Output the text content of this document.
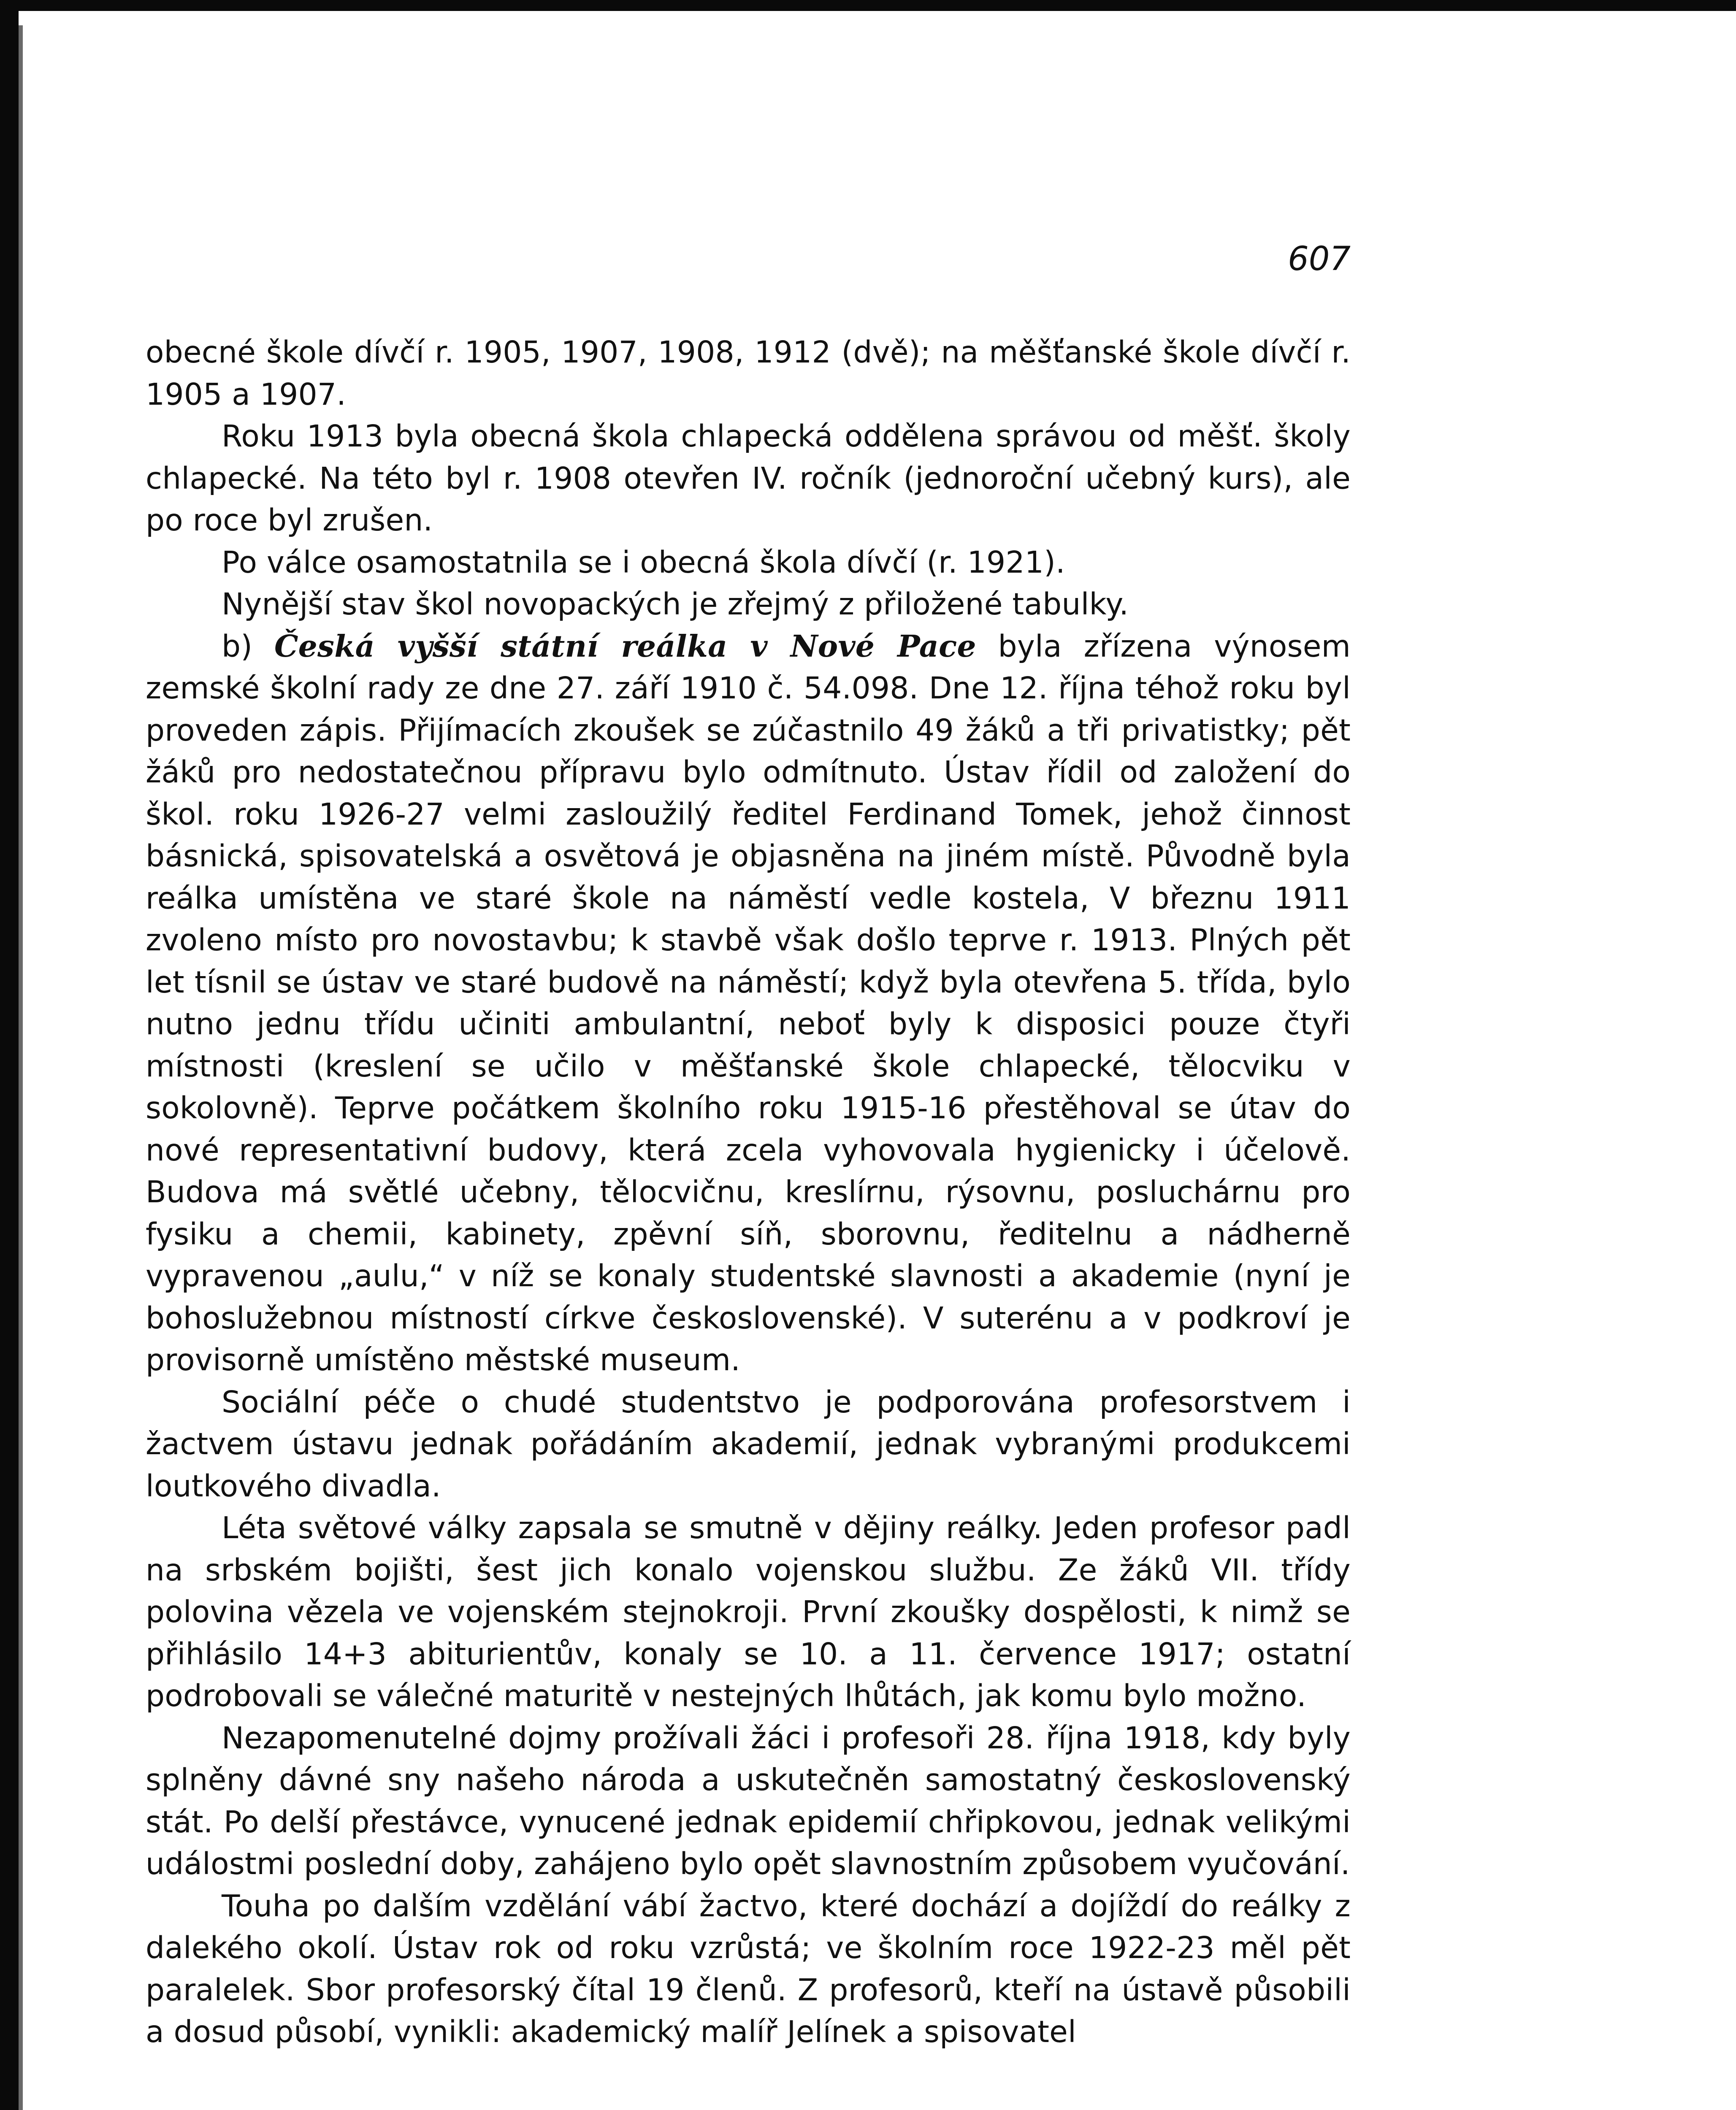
607

obecné škole dívčí r. 1905, 1907, 1908, 1912 (dvě); na měšťanské škole dívčí r. 1905 a 1907.

Roku 1913 byla obecná škola chlapecká oddělena správou od měšť. školy chlapecké. Na této byl r. 1908 otevřen IV. ročník (jednoroční učebný kurs), ale po roce byl zrušen.

Po válce osamostatnila se i obecná škola dívčí (r. 1921).

Nynější stav škol novopackých je zřejmý z přiložené tabulky.

b) Česká vyšší státní reálka v Nové Pace byla zřízena výnosem zemské školní rady ze dne 27. září 1910 č. 54.098. Dne 12. října téhož roku byl proveden zápis. Přijímacích zkoušek se zúčastnilo 49 žáků a tři privatistky; pět žáků pro nedostatečnou přípravu bylo odmítnuto. Ústav řídil od založení do škol. roku 1926-27 velmi zasloužilý ředitel Ferdinand Tomek, jehož činnost básnická, spisovatelská a osvětová je objasněna na jiném místě. Původně byla reálka umístěna ve staré škole na náměstí vedle kostela, V březnu 1911 zvoleno místo pro novostavbu; k stavbě však došlo teprve r. 1913. Plných pět let tísnil se ústav ve staré budově na náměstí; když byla otevřena 5. třída, bylo nutno jednu třídu učiniti ambulantní, neboť byly k disposici pouze čtyři místnosti (kreslení se učilo v měšťanské škole chlapecké, tělocviku v sokolovně). Teprve počátkem školního roku 1915-16 přestěhoval se útav do nové representativní budovy, která zcela vyhovovala hygienicky i účelově. Budova má světlé učebny, tělocvičnu, kreslírnu, rýsovnu, posluchárnu pro fysiku a chemii, kabinety, zpěvní síň, sborovnu, ředitelnu a nádherně vypravenou „aulu,“ v níž se konaly studentské slavnosti a akademie (nyní je bohoslužebnou místností církve československé). V suterénu a v podkroví je provisorně umístěno městské museum.

Sociální péče o chudé studentstvo je podporována profesorstvem i žactvem ústavu jednak pořádáním akademií, jednak vybranými produkcemi loutkového divadla.

Léta světové války zapsala se smutně v dějiny reálky. Jeden profesor padl na srbském bojišti, šest jich konalo vojenskou službu. Ze žáků VII. třídy polovina vězela ve vojenském stejnokroji. První zkoušky dospělosti, k nimž se přihlásilo 14+3 abiturientův, konaly se 10. a 11. července 1917; ostatní podrobovali se válečné maturitě v nestejných lhůtách, jak komu bylo možno.

Nezapomenutelné dojmy prožívali žáci i profesoři 28. října 1918, kdy byly splněny dávné sny našeho národa a uskutečněn samostatný československý stát. Po delší přestávce, vynucené jednak epidemií chřipkovou, jednak velikými událostmi poslední doby, zahájeno bylo opět slavnostním způsobem vyučování.

Touha po dalším vzdělání vábí žactvo, které dochází a dojíždí do reálky z dalekého okolí. Ústav rok od roku vzrůstá; ve školním roce 1922-23 měl pět paralelek. Sbor profesorský čítal 19 členů. Z profesorů, kteří na ústavě působili a dosud působí, vynikli: akademický malíř Jelínek a spisovatel
